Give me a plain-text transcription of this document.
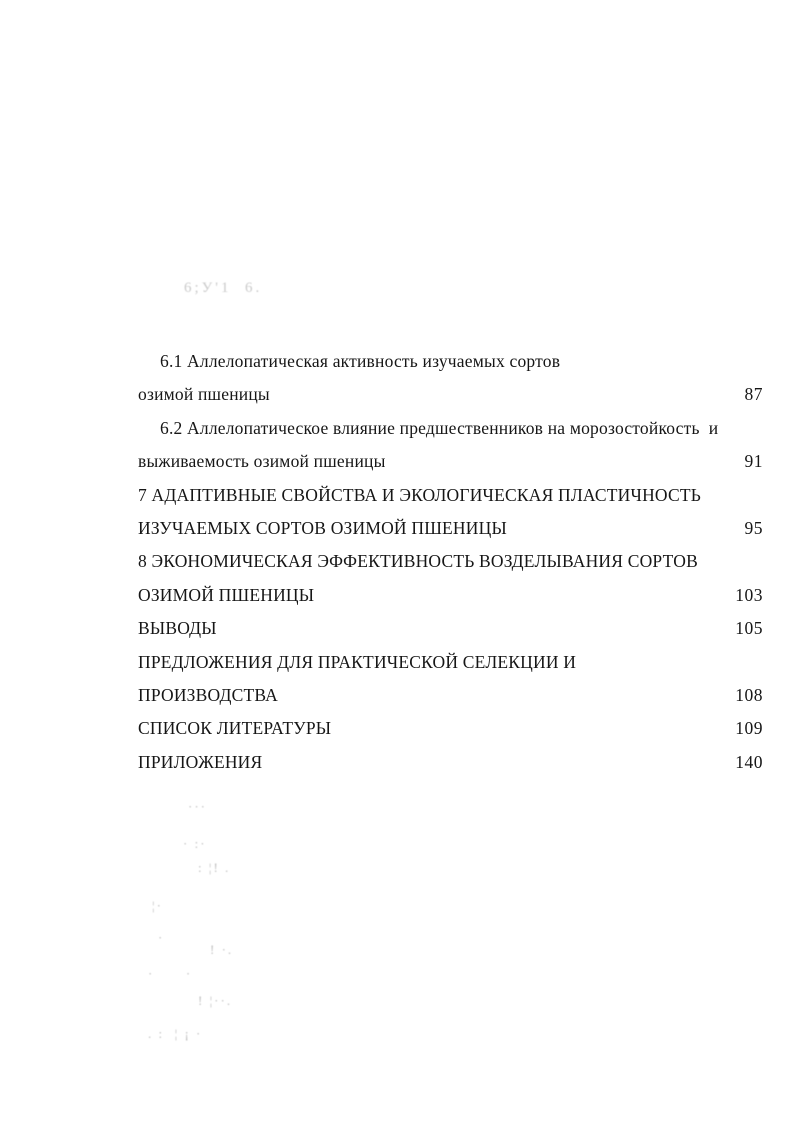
6;У'1  6.
···
· :·
: ¦! .
¦·
·
! ·.
·      ·
! ¦··.
. :  ¦ ¡ ·
6.1 Аллелопатическая активность изучаемых сортов
озимой пшеницы	87
6.2 Аллелопатическое влияние предшественников на морозостойкость  и
выживаемость озимой пшеницы	91
7 АДАПТИВНЫЕ СВОЙСТВА И ЭКОЛОГИЧЕСКАЯ ПЛАСТИЧНОСТЬ
ИЗУЧАЕМЫХ СОРТОВ ОЗИМОЙ ПШЕНИЦЫ	95
8 ЭКОНОМИЧЕСКАЯ ЭФФЕКТИВНОСТЬ ВОЗДЕЛЫВАНИЯ СОРТОВ
ОЗИМОЙ ПШЕНИЦЫ	103
ВЫВОДЫ	105
ПРЕДЛОЖЕНИЯ ДЛЯ ПРАКТИЧЕСКОЙ СЕЛЕКЦИИ И
ПРОИЗВОДСТВА	108
СПИСОК ЛИТЕРАТУРЫ	109
ПРИЛОЖЕНИЯ	140
